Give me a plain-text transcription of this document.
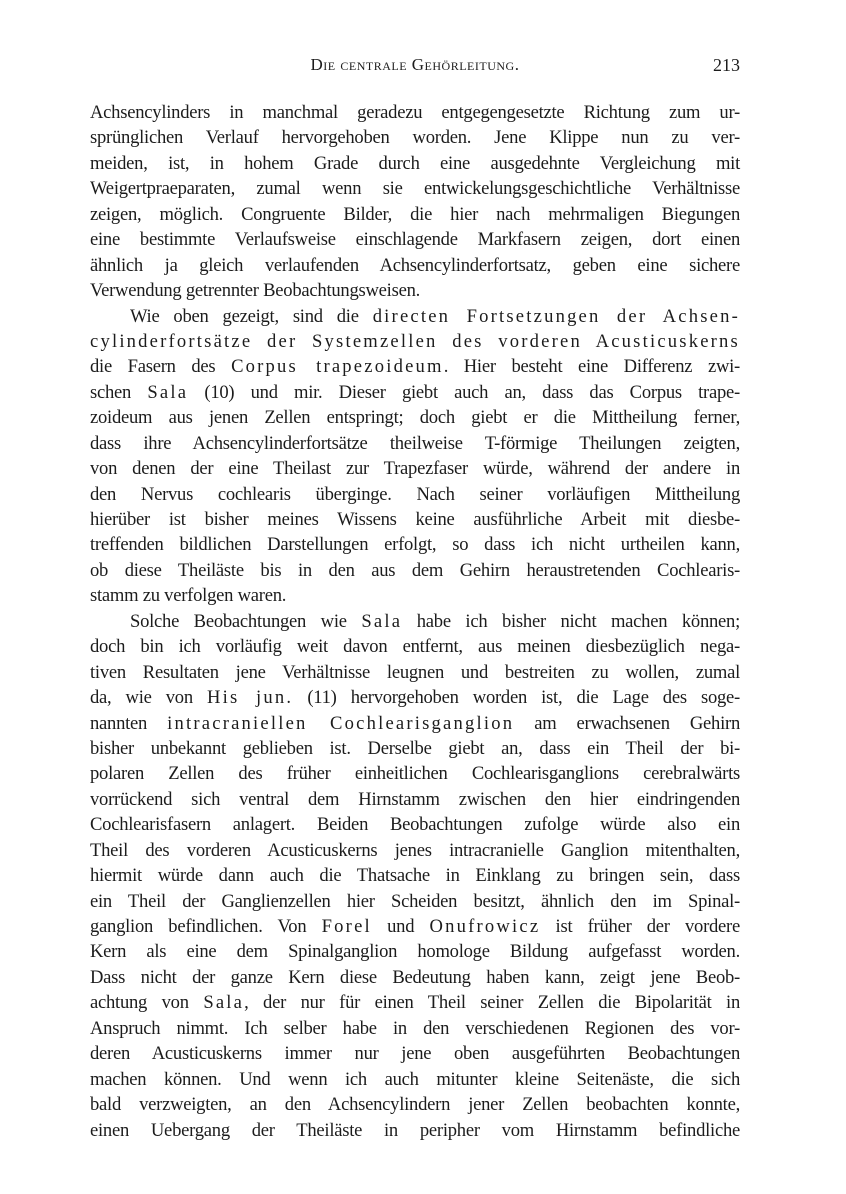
Die centrale Gehörleitung.	213
Achsencylinders in manchmal geradezu entgegengesetzte Richtung zum ur-
sprünglichen Verlauf hervorgehoben worden. Jene Klippe nun zu ver-
meiden, ist, in hohem Grade durch eine ausgedehnte Vergleichung mit
Weigertpraeparaten, zumal wenn sie entwickelungsgeschichtliche Verhältnisse
zeigen, möglich. Congruente Bilder, die hier nach mehrmaligen Biegungen
eine bestimmte Verlaufsweise einschlagende Markfasern zeigen, dort einen
ähnlich ja gleich verlaufenden Achsencylinderfortsatz, geben eine sichere
Verwendung getrennter Beobachtungsweisen.
Wie oben gezeigt, sind die directen Fortsetzungen der Achsen-
cylinderfortsätze der Systemzellen des vorderen Acusticuskerns
die Fasern des Corpus trapezoideum. Hier besteht eine Differenz zwi-
schen Sala (10) und mir. Dieser giebt auch an, dass das Corpus trape-
zoideum aus jenen Zellen entspringt; doch giebt er die Mittheilung ferner,
dass ihre Achsencylinderfortsätze theilweise T-förmige Theilungen zeigten,
von denen der eine Theilast zur Trapezfaser würde, während der andere in
den Nervus cochlearis überginge. Nach seiner vorläufigen Mittheilung
hierüber ist bisher meines Wissens keine ausführliche Arbeit mit diesbe-
treffenden bildlichen Darstellungen erfolgt, so dass ich nicht urtheilen kann,
ob diese Theiläste bis in den aus dem Gehirn heraustretenden Cochlearis-
stamm zu verfolgen waren.
Solche Beobachtungen wie Sala habe ich bisher nicht machen können;
doch bin ich vorläufig weit davon entfernt, aus meinen diesbezüglich nega-
tiven Resultaten jene Verhältnisse leugnen und bestreiten zu wollen, zumal
da, wie von His jun. (11) hervorgehoben worden ist, die Lage des soge-
nannten intracraniellen Cochlearisganglion am erwachsenen Gehirn
bisher unbekannt geblieben ist. Derselbe giebt an, dass ein Theil der bi-
polaren Zellen des früher einheitlichen Cochlearisganglions cerebralwärts
vorrückend sich ventral dem Hirnstamm zwischen den hier eindringenden
Cochlearisfasern anlagert. Beiden Beobachtungen zufolge würde also ein
Theil des vorderen Acusticuskerns jenes intracranielle Ganglion mitenthalten,
hiermit würde dann auch die Thatsache in Einklang zu bringen sein, dass
ein Theil der Ganglienzellen hier Scheiden besitzt, ähnlich den im Spinal-
ganglion befindlichen. Von Forel und Onufrowicz ist früher der vordere
Kern als eine dem Spinalganglion homologe Bildung aufgefasst worden.
Dass nicht der ganze Kern diese Bedeutung haben kann, zeigt jene Beob-
achtung von Sala, der nur für einen Theil seiner Zellen die Bipolarität in
Anspruch nimmt. Ich selber habe in den verschiedenen Regionen des vor-
deren Acusticuskerns immer nur jene oben ausgeführten Beobachtungen
machen können. Und wenn ich auch mitunter kleine Seitenäste, die sich
bald verzweigten, an den Achsencylindern jener Zellen beobachten konnte,
einen Uebergang der Theiläste in peripher vom Hirnstamm befindliche
